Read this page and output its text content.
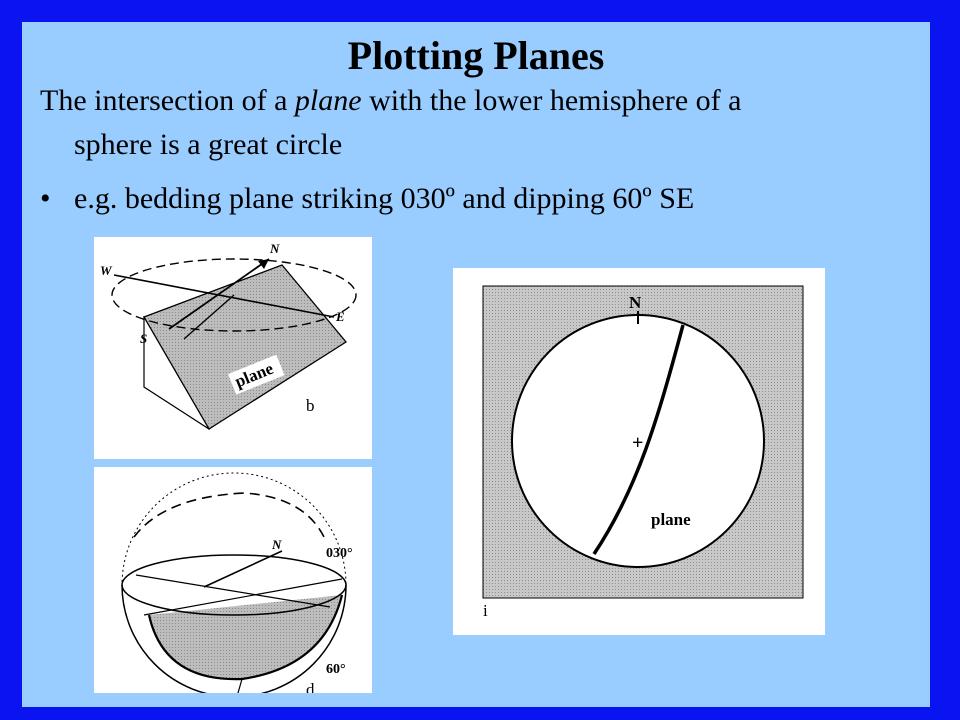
Plotting Planes
The intersection of a plane with the lower hemisphere of a
sphere is a great circle
• e.g. bedding plane striking 030º and dipping 60º SE
W
N
E
S
plane
b
N
030°
60°
d
N
+
plane
i
